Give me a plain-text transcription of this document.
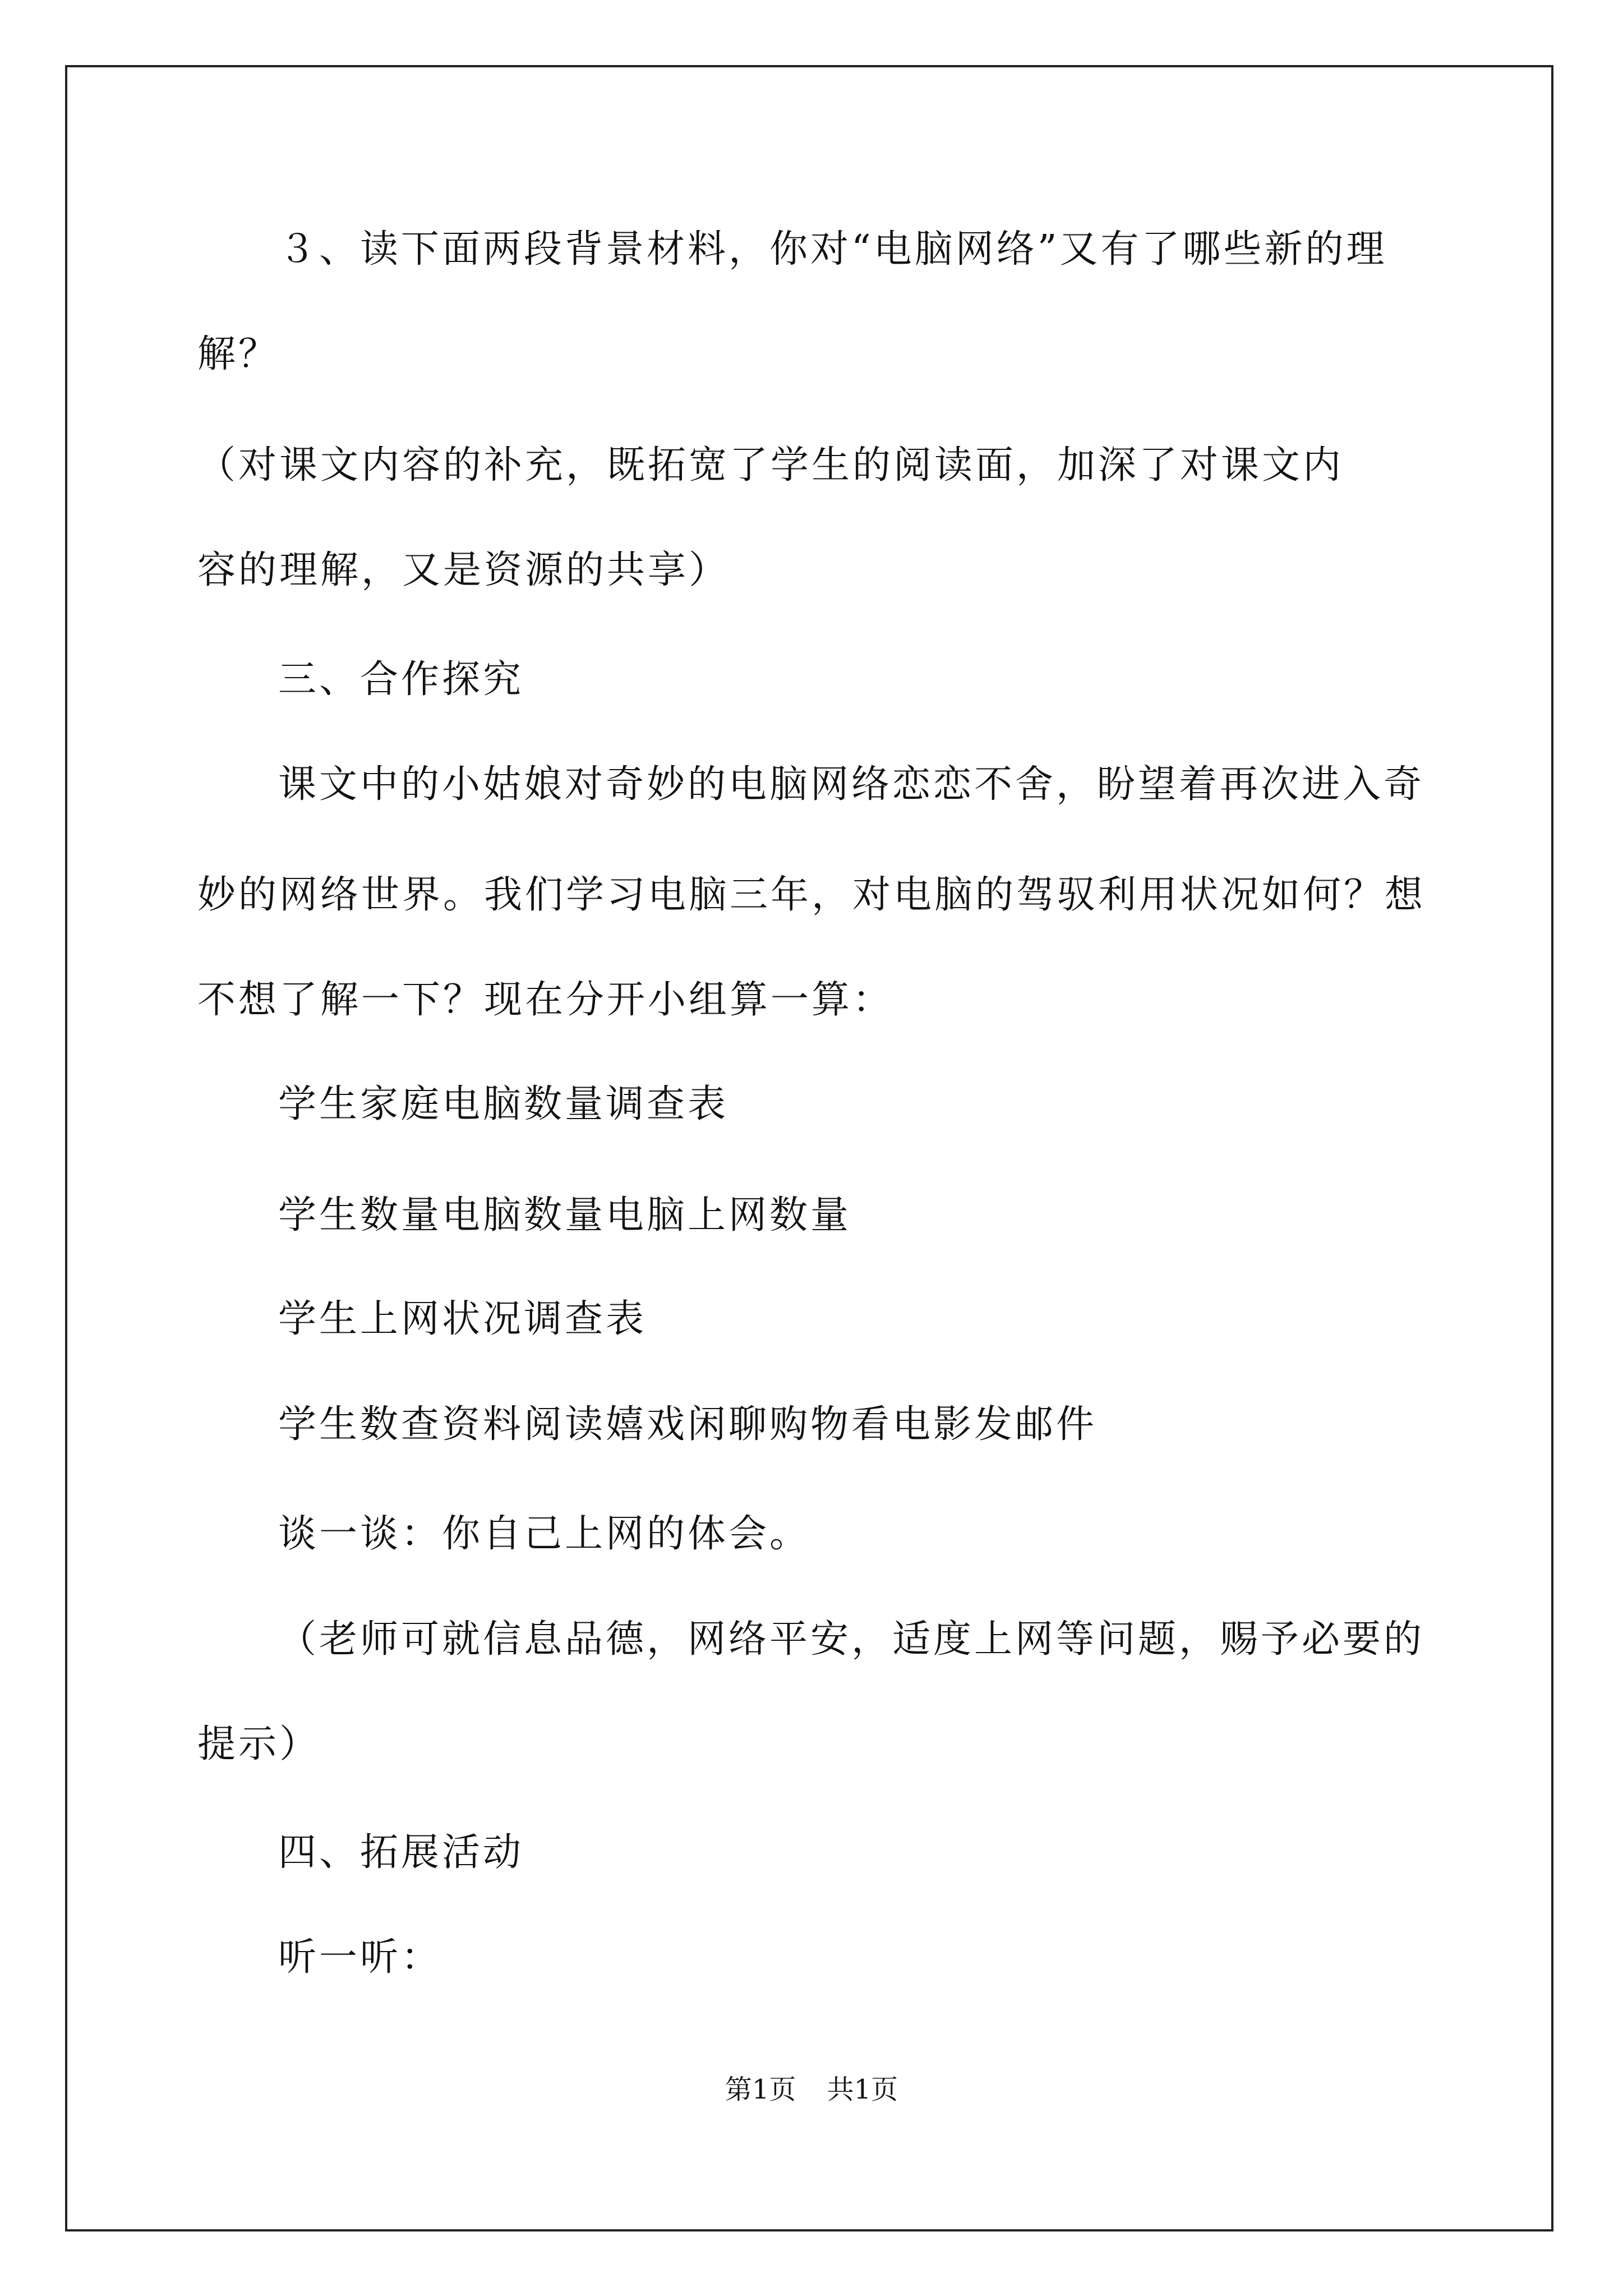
３、读下面两段背景材料，你对“电脑网络”又有了哪些新的理
解？
（对课文内容的补充，既拓宽了学生的阅读面，加深了对课文内
容的理解，又是资源的共享）
三、合作探究
课文中的小姑娘对奇妙的电脑网络恋恋不舍，盼望着再次进入奇
妙的网络世界。我们学习电脑三年，对电脑的驾驭利用状况如何？想
不想了解一下？现在分开小组算一算：
学生家庭电脑数量调查表
学生数量电脑数量电脑上网数量
学生上网状况调查表
学生数查资料阅读嬉戏闲聊购物看电影发邮件
谈一谈：你自己上网的体会。
（老师可就信息品德，网络平安，适度上网等问题，赐予必要的
提示）
四、拓展活动
听一听：
第1页 共1页
